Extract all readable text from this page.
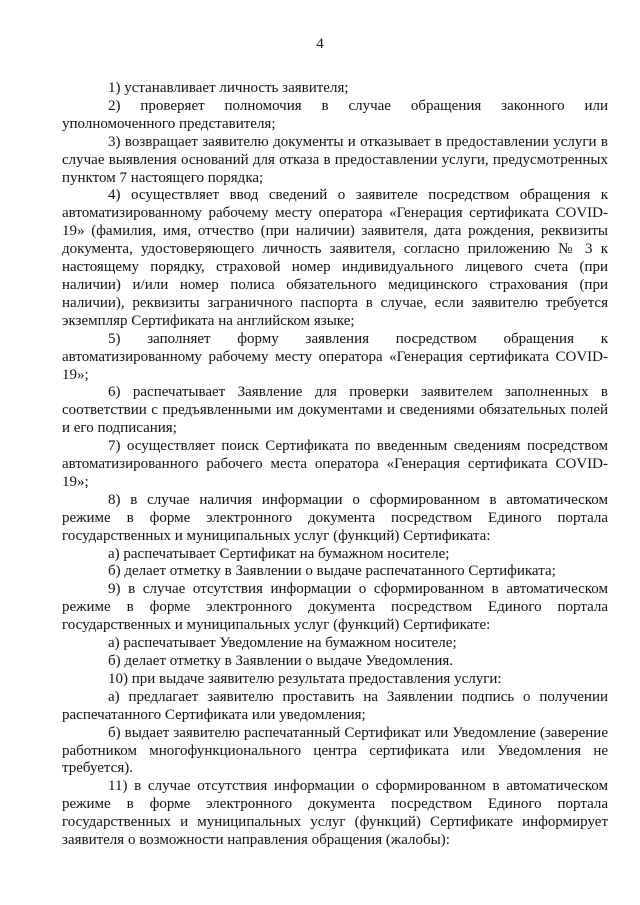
4

1) устанавливает личность заявителя;

2) проверяет полномочия в случае обращения законного или уполномоченного представителя;

3) возвращает заявителю документы и отказывает в предоставлении услуги в случае выявления оснований для отказа в предоставлении услуги, предусмотренных пунктом 7 настоящего порядка;

4) осуществляет ввод сведений о заявителе посредством обращения к автоматизированному рабочему месту оператора «Генерация сертификата COVID-19» (фамилия, имя, отчество (при наличии) заявителя, дата рождения, реквизиты документа, удостоверяющего личность заявителя, согласно приложению № 3 к настоящему порядку, страховой номер индивидуального лицевого счета (при наличии) и/или номер полиса обязательного медицинского страхования (при наличии), реквизиты заграничного паспорта в случае, если заявителю требуется экземпляр Сертификата на английском языке;

5) заполняет форму заявления посредством обращения к автоматизированному рабочему месту оператора «Генерация сертификата COVID-19»;

6) распечатывает Заявление для проверки заявителем заполненных в соответствии с предъявленными им документами и сведениями обязательных полей и его подписания;

7) осуществляет поиск Сертификата по введенным сведениям посредством автоматизированного рабочего места оператора «Генерация сертификата COVID-19»;

8) в случае наличия информации о сформированном в автоматическом режиме в форме электронного документа посредством Единого портала государственных и муниципальных услуг (функций) Сертификата:

а) распечатывает Сертификат на бумажном носителе;

б) делает отметку в Заявлении о выдаче распечатанного Сертификата;

9) в случае отсутствия информации о сформированном в автоматическом режиме в форме электронного документа посредством Единого портала государственных и муниципальных услуг (функций) Сертификате:

а) распечатывает Уведомление на бумажном носителе;

б) делает отметку в Заявлении о выдаче Уведомления.

10) при выдаче заявителю результата предоставления услуги:

а) предлагает заявителю проставить на Заявлении подпись о получении распечатанного Сертификата или уведомления;

б) выдает заявителю распечатанный Сертификат или Уведомление (заверение работником многофункционального центра сертификата или Уведомления не требуется).

11) в случае отсутствия информации о сформированном в автоматическом режиме в форме электронного документа посредством Единого портала государственных и муниципальных услуг (функций) Сертификате информирует заявителя о возможности направления обращения (жалобы):
